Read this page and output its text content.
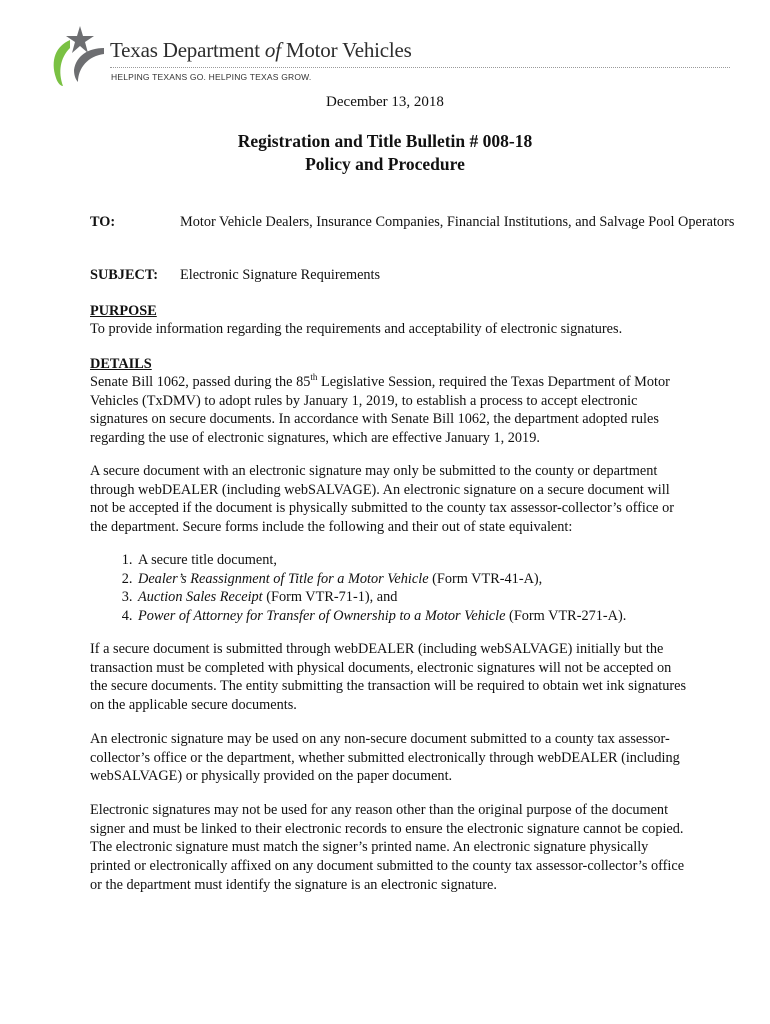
Texas Department of Motor Vehicles
HELPING TEXANS GO. HELPING TEXAS GROW.
December 13, 2018
Registration and Title Bulletin # 008-18
Policy and Procedure
TO:	Motor Vehicle Dealers, Insurance Companies, Financial Institutions, and Salvage Pool Operators
SUBJECT: Electronic Signature Requirements
PURPOSE
To provide information regarding the requirements and acceptability of electronic signatures.
DETAILS
Senate Bill 1062, passed during the 85th Legislative Session, required the Texas Department of Motor Vehicles (TxDMV) to adopt rules by January 1, 2019, to establish a process to accept electronic signatures on secure documents. In accordance with Senate Bill 1062, the department adopted rules regarding the use of electronic signatures, which are effective January 1, 2019.
A secure document with an electronic signature may only be submitted to the county or department through webDEALER (including webSALVAGE). An electronic signature on a secure document will not be accepted if the document is physically submitted to the county tax assessor-collector’s office or the department. Secure forms include the following and their out of state equivalent:
1. A secure title document,
2. Dealer’s Reassignment of Title for a Motor Vehicle (Form VTR-41-A),
3. Auction Sales Receipt (Form VTR-71-1), and
4. Power of Attorney for Transfer of Ownership to a Motor Vehicle (Form VTR-271-A).
If a secure document is submitted through webDEALER (including webSALVAGE) initially but the transaction must be completed with physical documents, electronic signatures will not be accepted on the secure documents. The entity submitting the transaction will be required to obtain wet ink signatures on the applicable secure documents.
An electronic signature may be used on any non-secure document submitted to a county tax assessor-collector’s office or the department, whether submitted electronically through webDEALER (including webSALVAGE) or physically provided on the paper document.
Electronic signatures may not be used for any reason other than the original purpose of the document signer and must be linked to their electronic records to ensure the electronic signature cannot be copied. The electronic signature must match the signer’s printed name. An electronic signature physically printed or electronically affixed on any document submitted to the county tax assessor-collector’s office or the department must identify the signature is an electronic signature.
